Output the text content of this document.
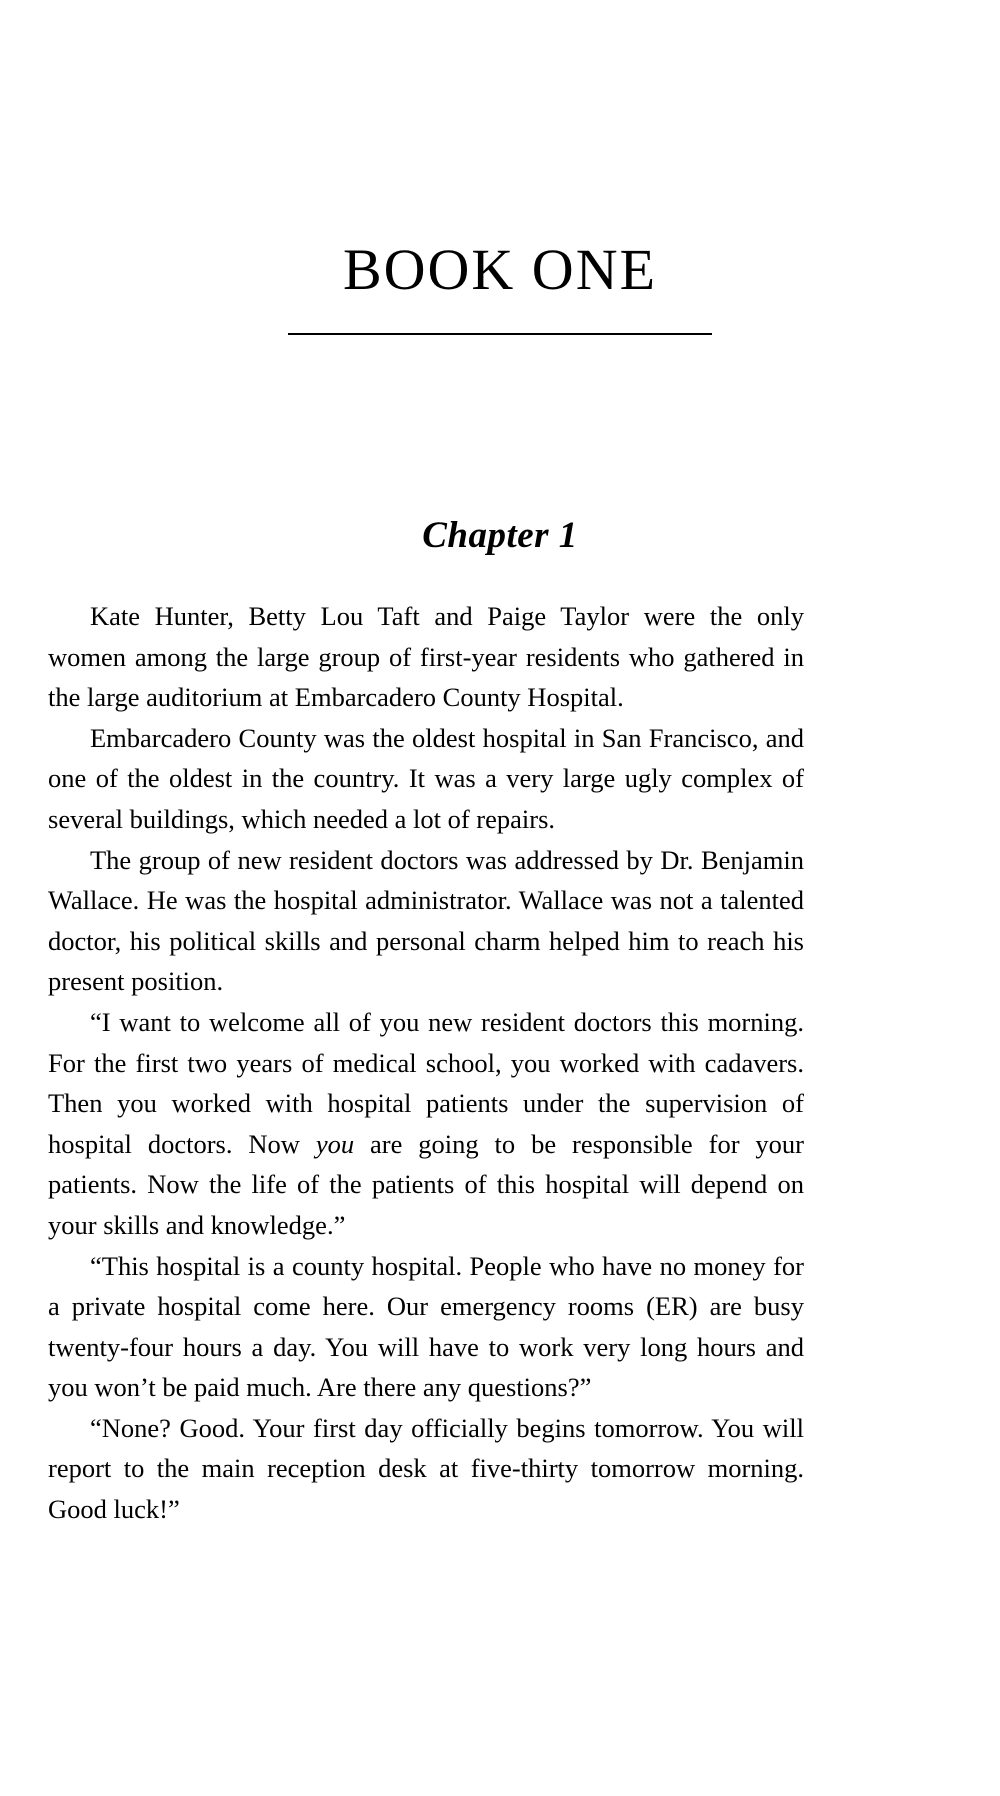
BOOK ONE
Chapter 1

Kate Hunter, Betty Lou Taft and Paige Taylor were the only women among the large group of first-year residents who gathered in the large auditorium at Embarcadero County Hospital.

Embarcadero County was the oldest hospital in San Francisco, and one of the oldest in the country. It was a very large ugly complex of several buildings, which needed a lot of repairs.

The group of new resident doctors was addressed by Dr. Benjamin Wallace. He was the hospital administrator. Wallace was not a talented doctor, his political skills and personal charm helped him to reach his present position.

“I want to welcome all of you new resident doctors this morning. For the first two years of medical school, you worked with cadavers. Then you worked with hospital patients under the supervision of hospital doctors. Now you are going to be responsible for your patients. Now the life of the patients of this hospital will depend on your skills and knowledge.”

“This hospital is a county hospital. People who have no money for a private hospital come here. Our emergency rooms (ER) are busy twenty-four hours a day. You will have to work very long hours and you won’t be paid much. Are there any questions?”

“None? Good. Your first day officially begins tomorrow. You will report to the main reception desk at five-thirty tomorrow morning. Good luck!”
